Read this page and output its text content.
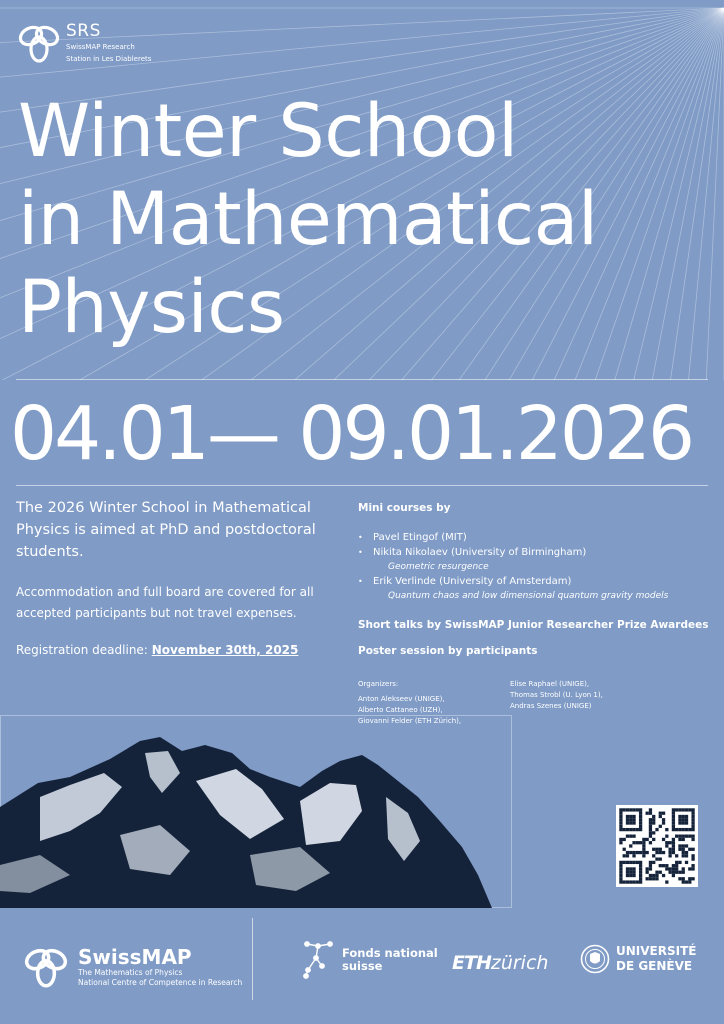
SRS
SwissMAP Research
Station in Les Diablerets
Winter School
in Mathematical
Physics
04.01— 09.01.2026

The 2026 Winter School in Mathematical Physics is aimed at PhD and postdoctoral students.

Accommodation and full board are covered for all accepted participants but not travel expenses.

Registration deadline: November 30th, 2025

Mini courses by

• Pavel Etingof (MIT)
• Nikita Nikolaev (University of Birmingham)
Geometric resurgence
• Erik Verlinde (University of Amsterdam)
Quantum chaos and low dimensional quantum gravity models

Short talks by SwissMAP Junior Researcher Prize Awardees

Poster session by participants

Organizers:
Anton Alekseev (UNIGE),
Alberto Cattaneo (UZH),
Giovanni Felder (ETH Zürich),
Elise Raphael (UNIGE),
Thomas Strobl (U. Lyon 1),
Andras Szenes (UNIGE)
SwissMAP
The Mathematics of Physics
National Centre of Competence in Research
Fonds national
suisse	ETHzürich
UNIVERSITÉ
DE GENÈVE
